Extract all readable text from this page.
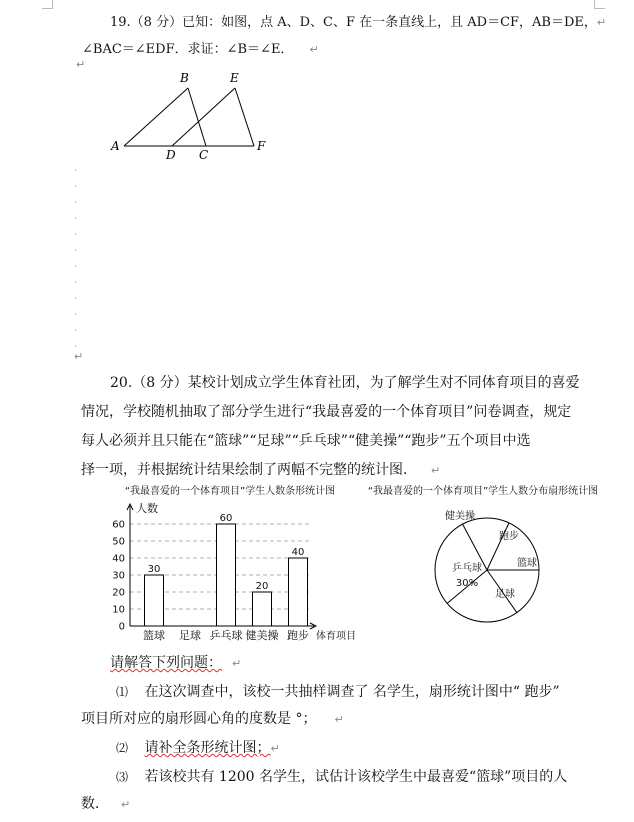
19.（8 分）已知：如图，点 A、D、C、F 在一条直线上，且 AD＝CF，AB＝DE，↵
∠BAC＝∠EDF．求证：∠B＝∠E． ↵
↵
A
B
C
D
E
F
·
·
·
·
·
·
·
·
·
·
·
·
↵
20.（8 分）某校计划成立学生体育社团，为了解学生对不同体育项目的喜爱
情况，学校随机抽取了部分学生进行“我最喜爱的一个体育项目”问卷调查，规定
每人必须并且只能在“篮球”“足球”“乒乓球”“健美操”“跑步”五个项目中选
择一项，并根据统计结果绘制了两幅不完整的统计图． ↵
“我最喜爱的一个体育项目”学生人数条形统计图
人数
体育项目
0
10
20
30
40
50
60
篮球 足球 乒乓球 健美操 跑步
30
60
20
40
“我最喜爱的一个体育项目”学生人数分布扇形统计图
健美操
跑步
篮球
足球
乒乓球
30%
请解答下列问题： ↵
⑴ 在这次调查中，该校一共抽样调查了 名学生，扇形统计图中“ 跑步”
项目所对应的扇形圆心角的度数是 °； ↵
⑵ 请补全条形统计图；↵
⑶ 若该校共有 1200 名学生，试估计该校学生中最喜爱“篮球”项目的人
数． ↵
